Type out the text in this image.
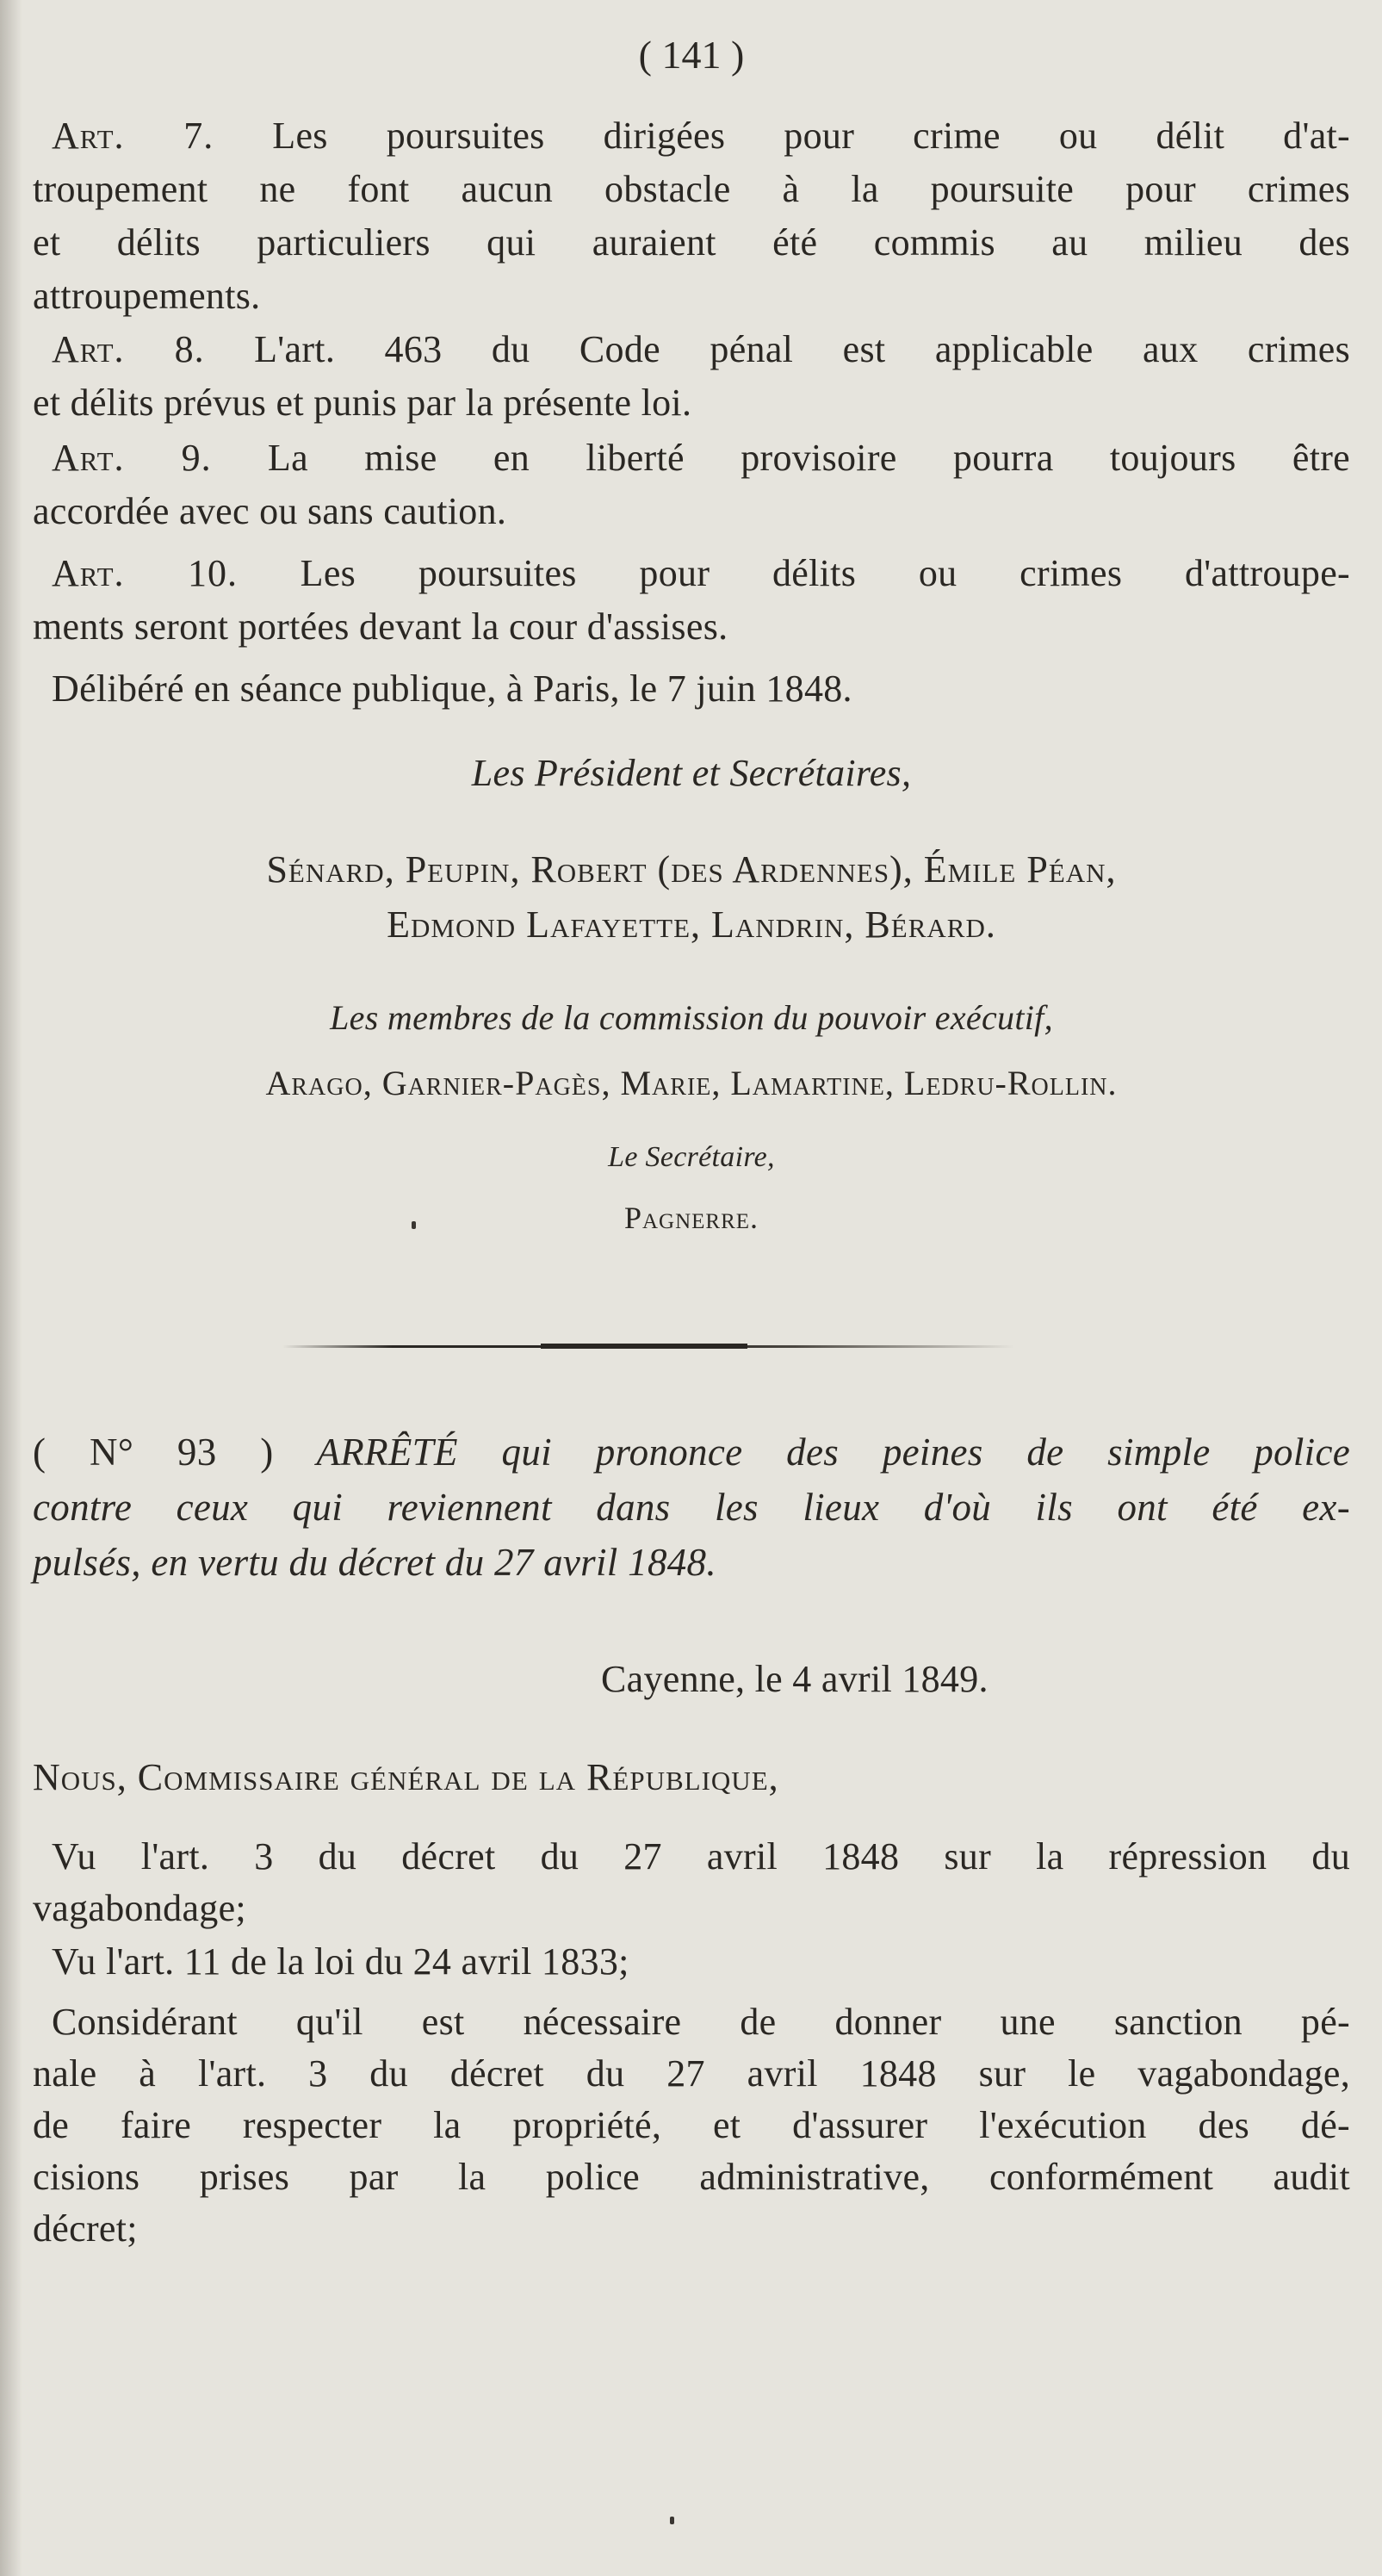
( 141 )
Art. 7. Les poursuites dirigées pour crime ou délit d'at-
troupement ne font aucun obstacle à la poursuite pour crimes
et délits particuliers qui auraient été commis au milieu des
attroupements.
Art. 8. L'art. 463 du Code pénal est applicable aux crimes
et délits prévus et punis par la présente loi.
Art. 9. La mise en liberté provisoire pourra toujours être
accordée avec ou sans caution.
Art. 10. Les poursuites pour délits ou crimes d'attroupe-
ments seront portées devant la cour d'assises.
Délibéré en séance publique, à Paris, le 7 juin 1848.
Les Président et Secrétaires,
Sénard, Peupin, Robert (des Ardennes), Émile Péan,
Edmond Lafayette, Landrin, Bérard.
Les membres de la commission du pouvoir exécutif,
Arago, Garnier-Pagès, Marie, Lamartine, Ledru-Rollin.
Le Secrétaire,
Pagnerre.
( N° 93 ) ARRÊTÉ qui prononce des peines de simple police
contre ceux qui reviennent dans les lieux d'où ils ont été ex-
pulsés, en vertu du décret du 27 avril 1848.
Cayenne, le 4 avril 1849.
Nous, Commissaire général de la République,
Vu l'art. 3 du décret du 27 avril 1848 sur la répression du
vagabondage;
Vu l'art. 11 de la loi du 24 avril 1833;
Considérant qu'il est nécessaire de donner une sanction pé-
nale à l'art. 3 du décret du 27 avril 1848 sur le vagabondage,
de faire respecter la propriété, et d'assurer l'exécution des dé-
cisions prises par la police administrative, conformément audit
décret;
